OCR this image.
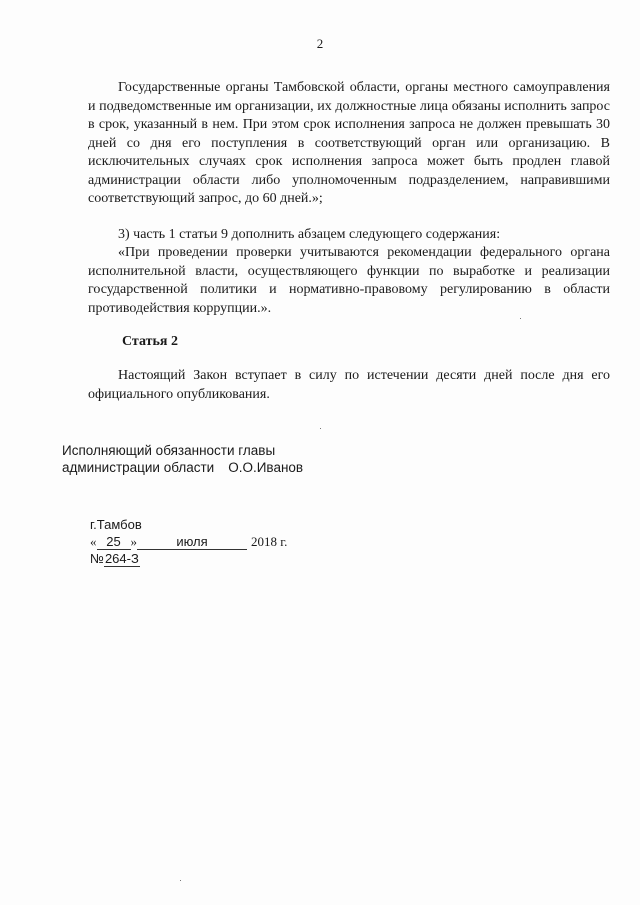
2

Государственные органы Тамбовской области, органы местного самоуправления и подведомственные им организации, их должностные лица обязаны исполнить запрос в срок, указанный в нем. При этом срок исполнения запроса не должен превышать 30 дней со дня его поступления в соответствующий орган или организацию. В исключительных случаях срок исполнения запроса может быть продлен главой администрации области либо уполномоченным подразделением, направившими соответствующий запрос, до 60 дней.»;

3) часть 1 статьи 9 дополнить абзацем следующего содержания:

«При проведении проверки учитываются рекомендации федерального органа исполнительной власти, осуществляющего функции по выработке и реализации государственной политики и нормативно-правовому регулированию в области противодействия коррупции.».

Статья 2

Настоящий Закон вступает в силу по истечении десяти дней после дня его официального опубликования.

Исполняющий обязанности главы
администрации области О.О.Иванов
г.Тамбов
« 25 »	июля	2018 г.
№264-З
